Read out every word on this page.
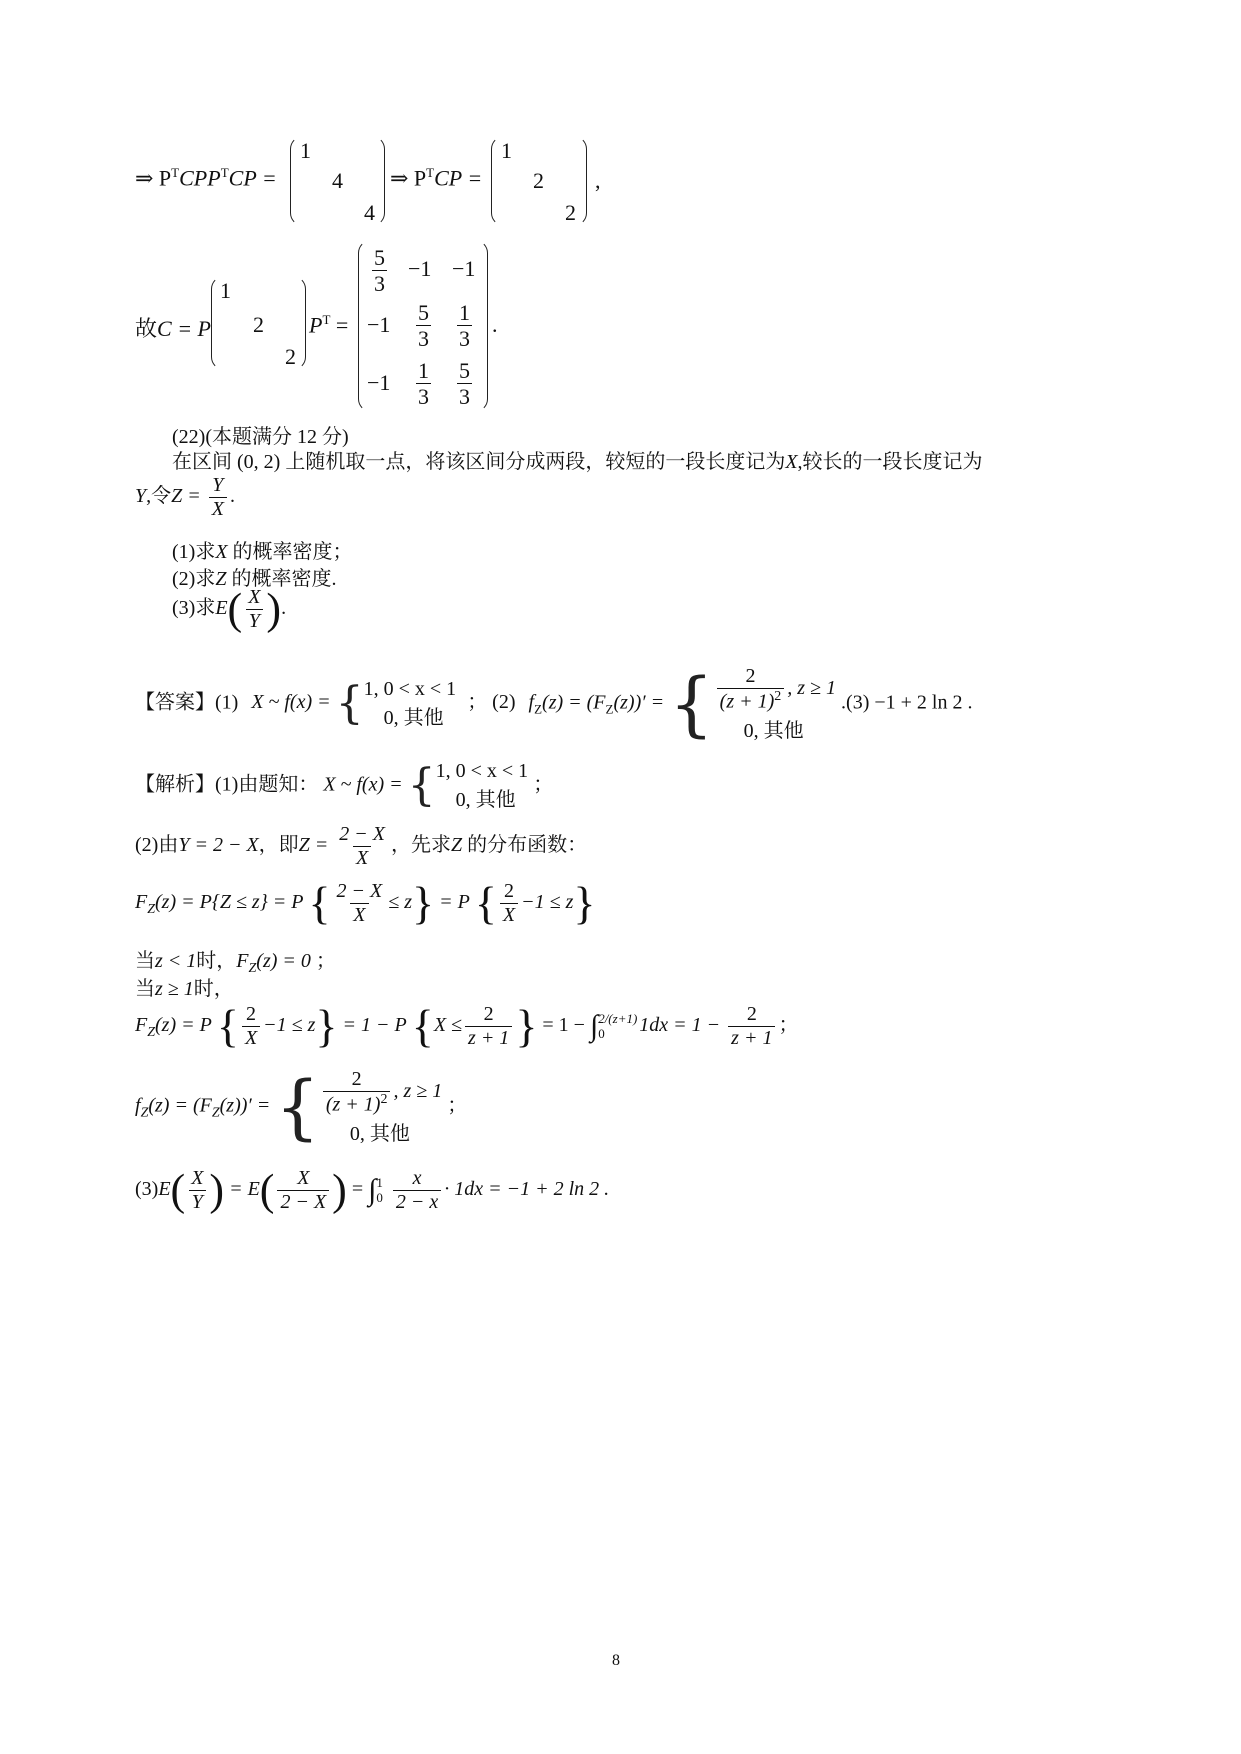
⇒ $P^TCPP^TCP$ =
1
4
4
⇒ $P^TCP$ =
1
2
2
,
故C = P
1
2
2
$P^T$ =
$\frac{5}{3} -1 -1$
$-1 \frac{5}{3} \frac{1}{3}$
$-1 \frac{1}{3} \frac{5}{3}$
.
(22)(本题满分 12 分)
在区间 (0, 2) 上随机取一点，将该区间分成两段，较短的一段长度记为X,较长的一段长度记为
Y,令$Z = \frac{Y}{X}$ .
(1)求X 的概率密度；
(2)求Z 的概率密度.
(3)求$E( \frac{X}{Y}$ ).
【答案】(1) X ~ f(x) = { 1, 0 < x < 1
0, 其他
； (2) $f_Z(z) = (F_Z(z))'$ = { $\frac{2}{(z + 1)^2}$ , z ≥ 1
0, 其他
.(3) −1 + 2 ln 2 .
【解析】(1)由题知： X ~ f(x) = { 1, 0 < x < 1
0, 其他
；
(2)由Y = 2 − X，即$Z = \frac{2 - X}{X}$ ，先求Z 的分布函数：
$F_Z(z) = P\{Z \le z\} = P$ { $\frac{2 - X}{X} \le z\} = P$ { $\frac{2}{X} -1 \le z$}
当z < 1时，$F_Z(z) = 0$ ；
当z ≥ 1时，
$F_Z(z) = P$ { $\frac{2}{X} -1 \le z\} = 1 - P$ {$X \le \frac{2}{z + 1}$ } = 1 − ∫ 2/(z+1)
0	$1dx = 1 - \frac{2}{z + 1}$ ；
$f_Z(z) = (F_Z(z))'$ = { $\frac{2}{(z + 1)^2}$ , z ≥ 1
0, 其他
；
$(3)E( \frac{X}{Y}$ ) = $E( \frac{X}{2 - X}$ ) = ∫ 1
0
$\frac{x}{2 - x} \cdot 1dx = -1 + 2$ ln 2 .
8
